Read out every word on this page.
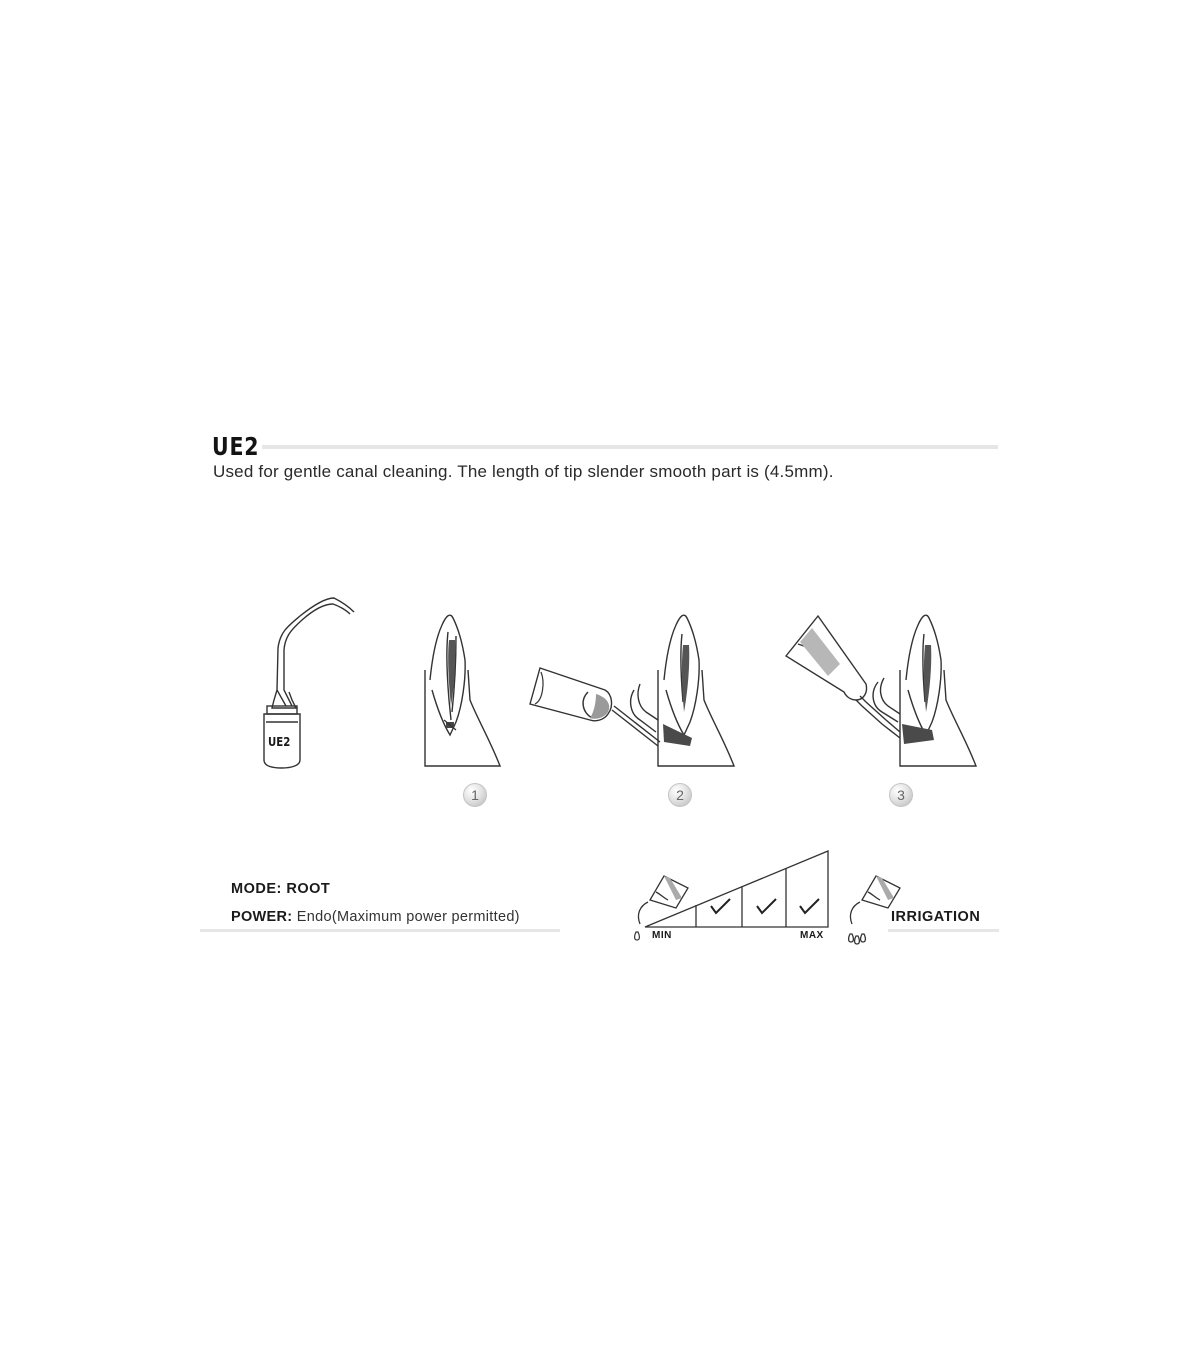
UE2
Used for gentle canal cleaning. The length of tip slender smooth part is (4.5mm).
UE2
1	2	3
MODE: ROOT
POWER: Endo(Maximum power permitted)
MIN	MAX
IRRIGATION
